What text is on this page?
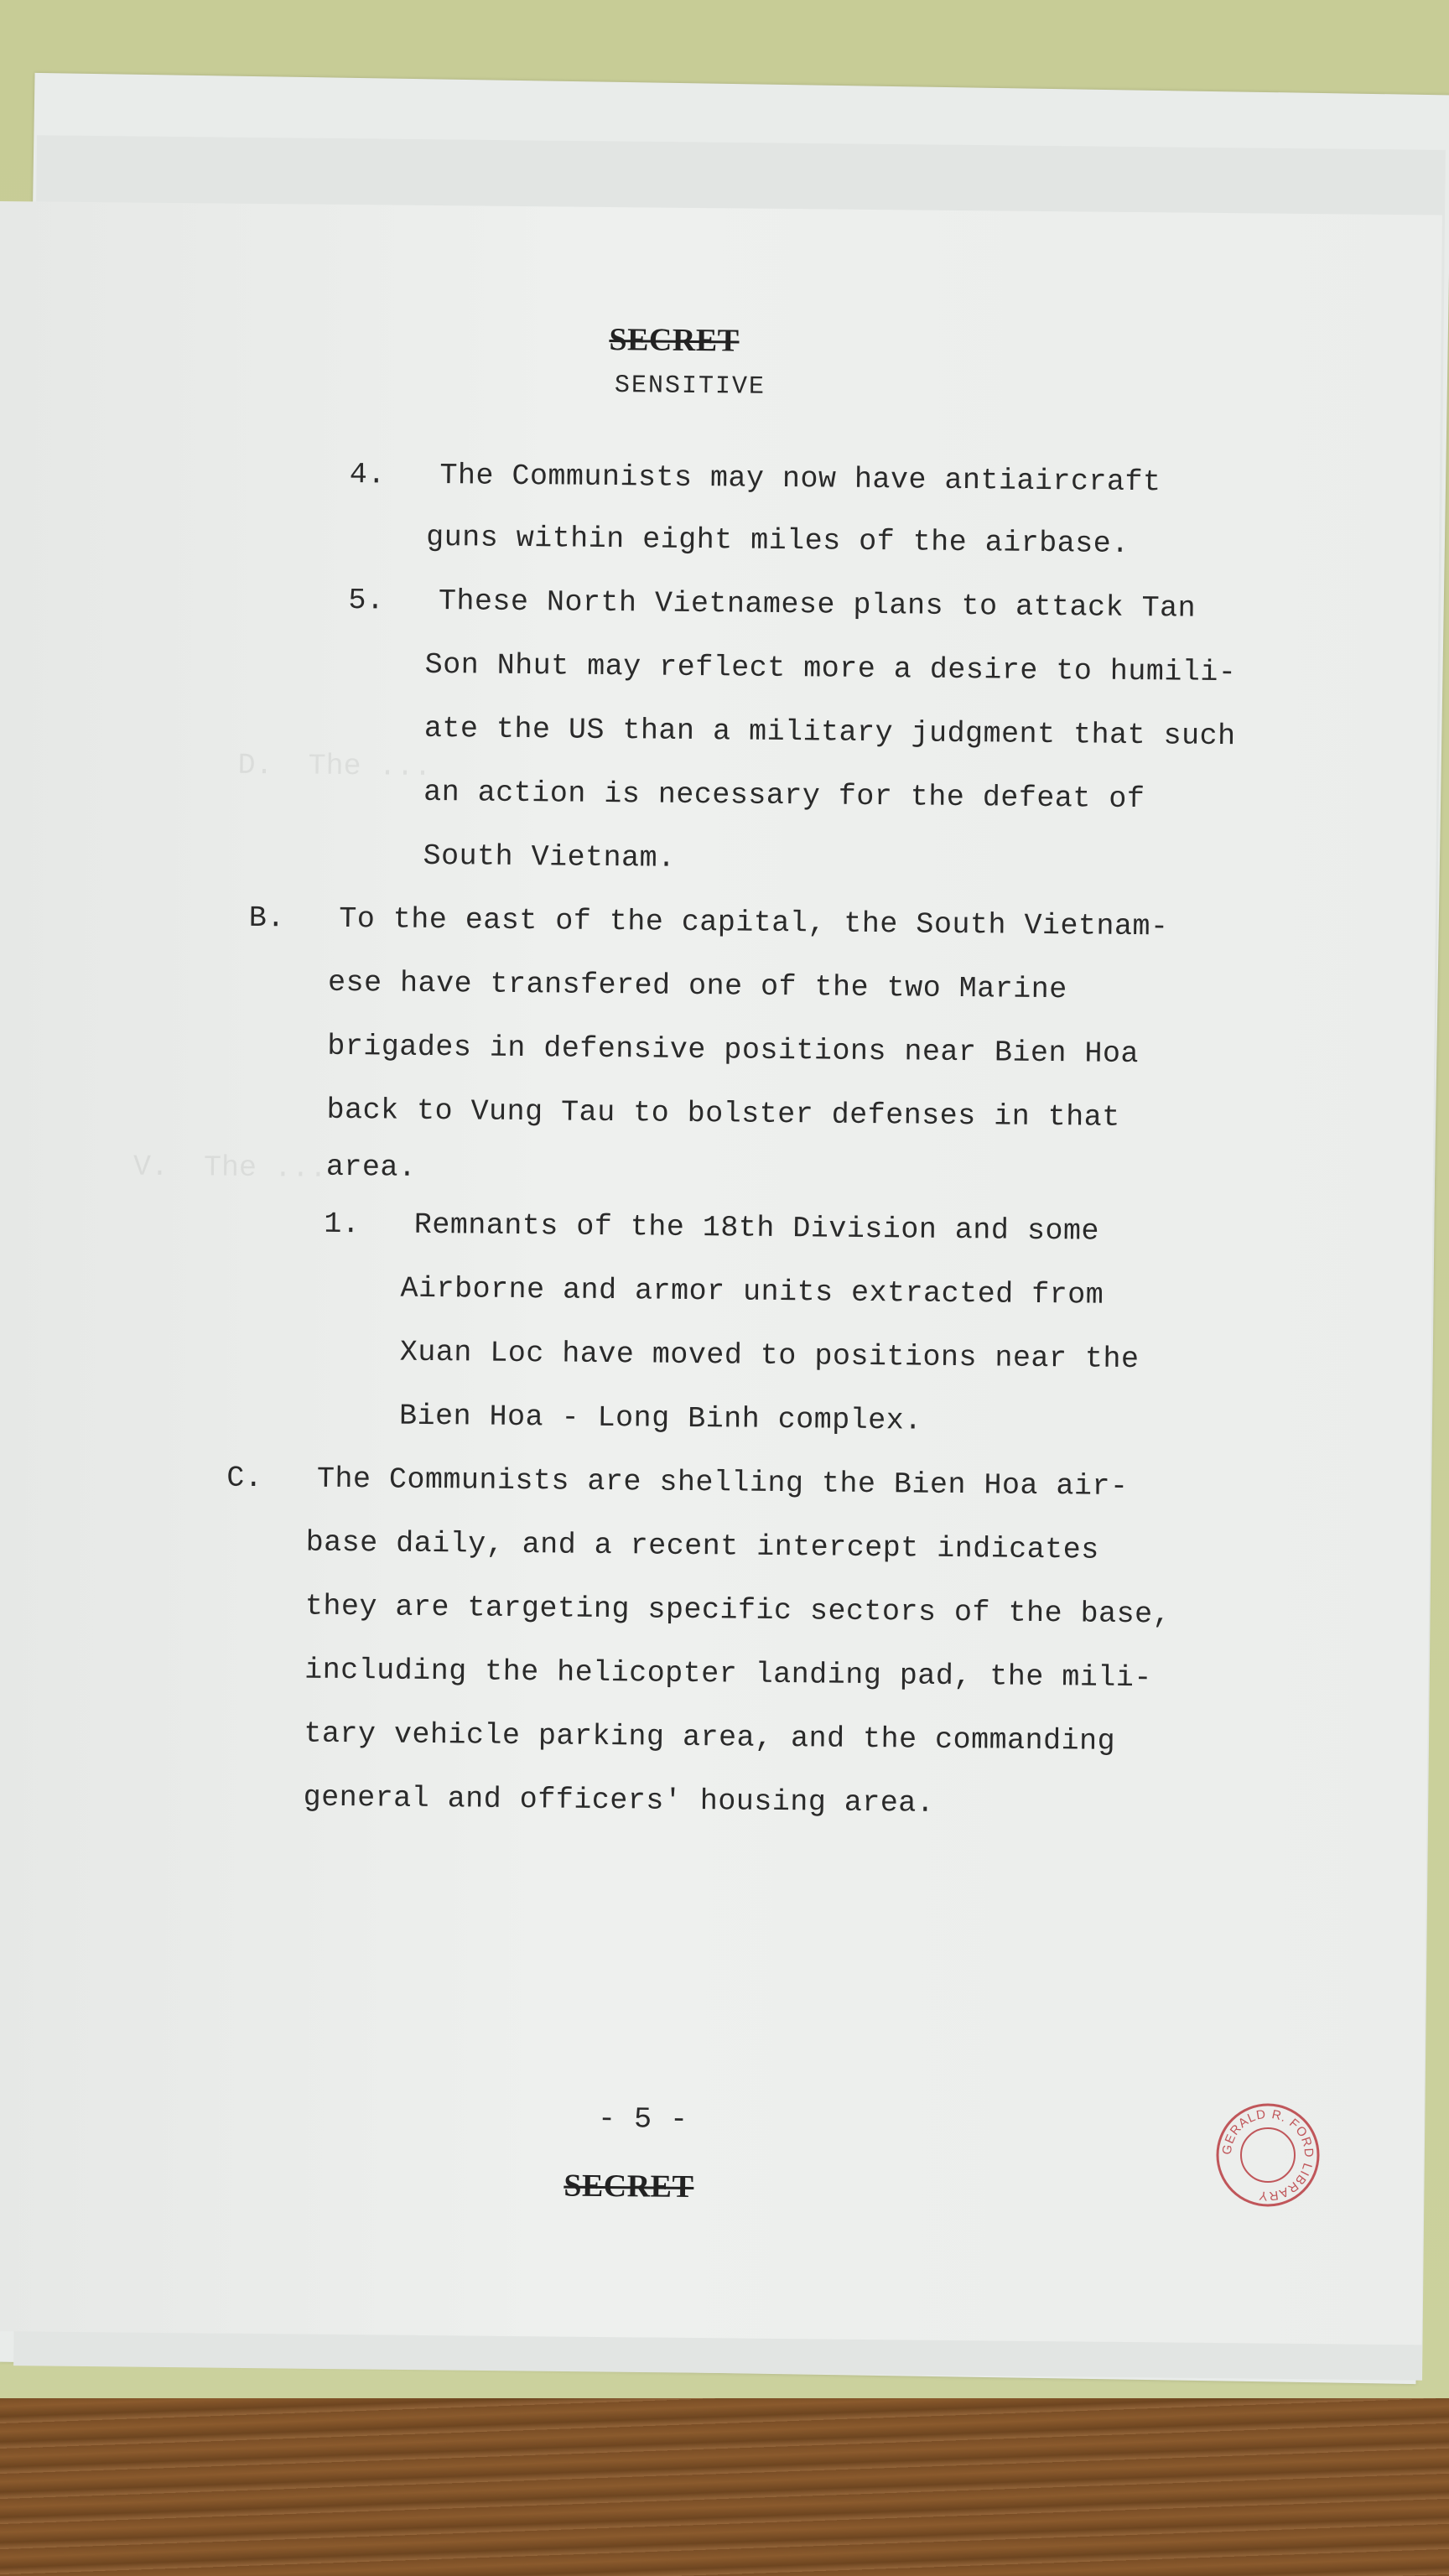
D.  The ...
V.  The ...
SECRET
SENSITIVE
4.   The Communists may now have antiaircraft
guns within eight miles of the airbase.
5.   These North Vietnamese plans to attack Tan
Son Nhut may reflect more a desire to humili-
ate the US than a military judgment that such
an action is necessary for the defeat of
South Vietnam.
B.   To the east of the capital, the South Vietnam-
ese have transfered one of the two Marine
brigades in defensive positions near Bien Hoa
back to Vung Tau to bolster defenses in that
area.
1.   Remnants of the 18th Division and some
Airborne and armor units extracted from
Xuan Loc have moved to positions near the
Bien Hoa - Long Binh complex.
C.   The Communists are shelling the Bien Hoa air-
base daily, and a recent intercept indicates
they are targeting specific sectors of the base,
including the helicopter landing pad, the mili-
tary vehicle parking area, and the commanding
general and officers' housing area.
- 5 -
SECRET
GERALD R. FORD LIBRARY
